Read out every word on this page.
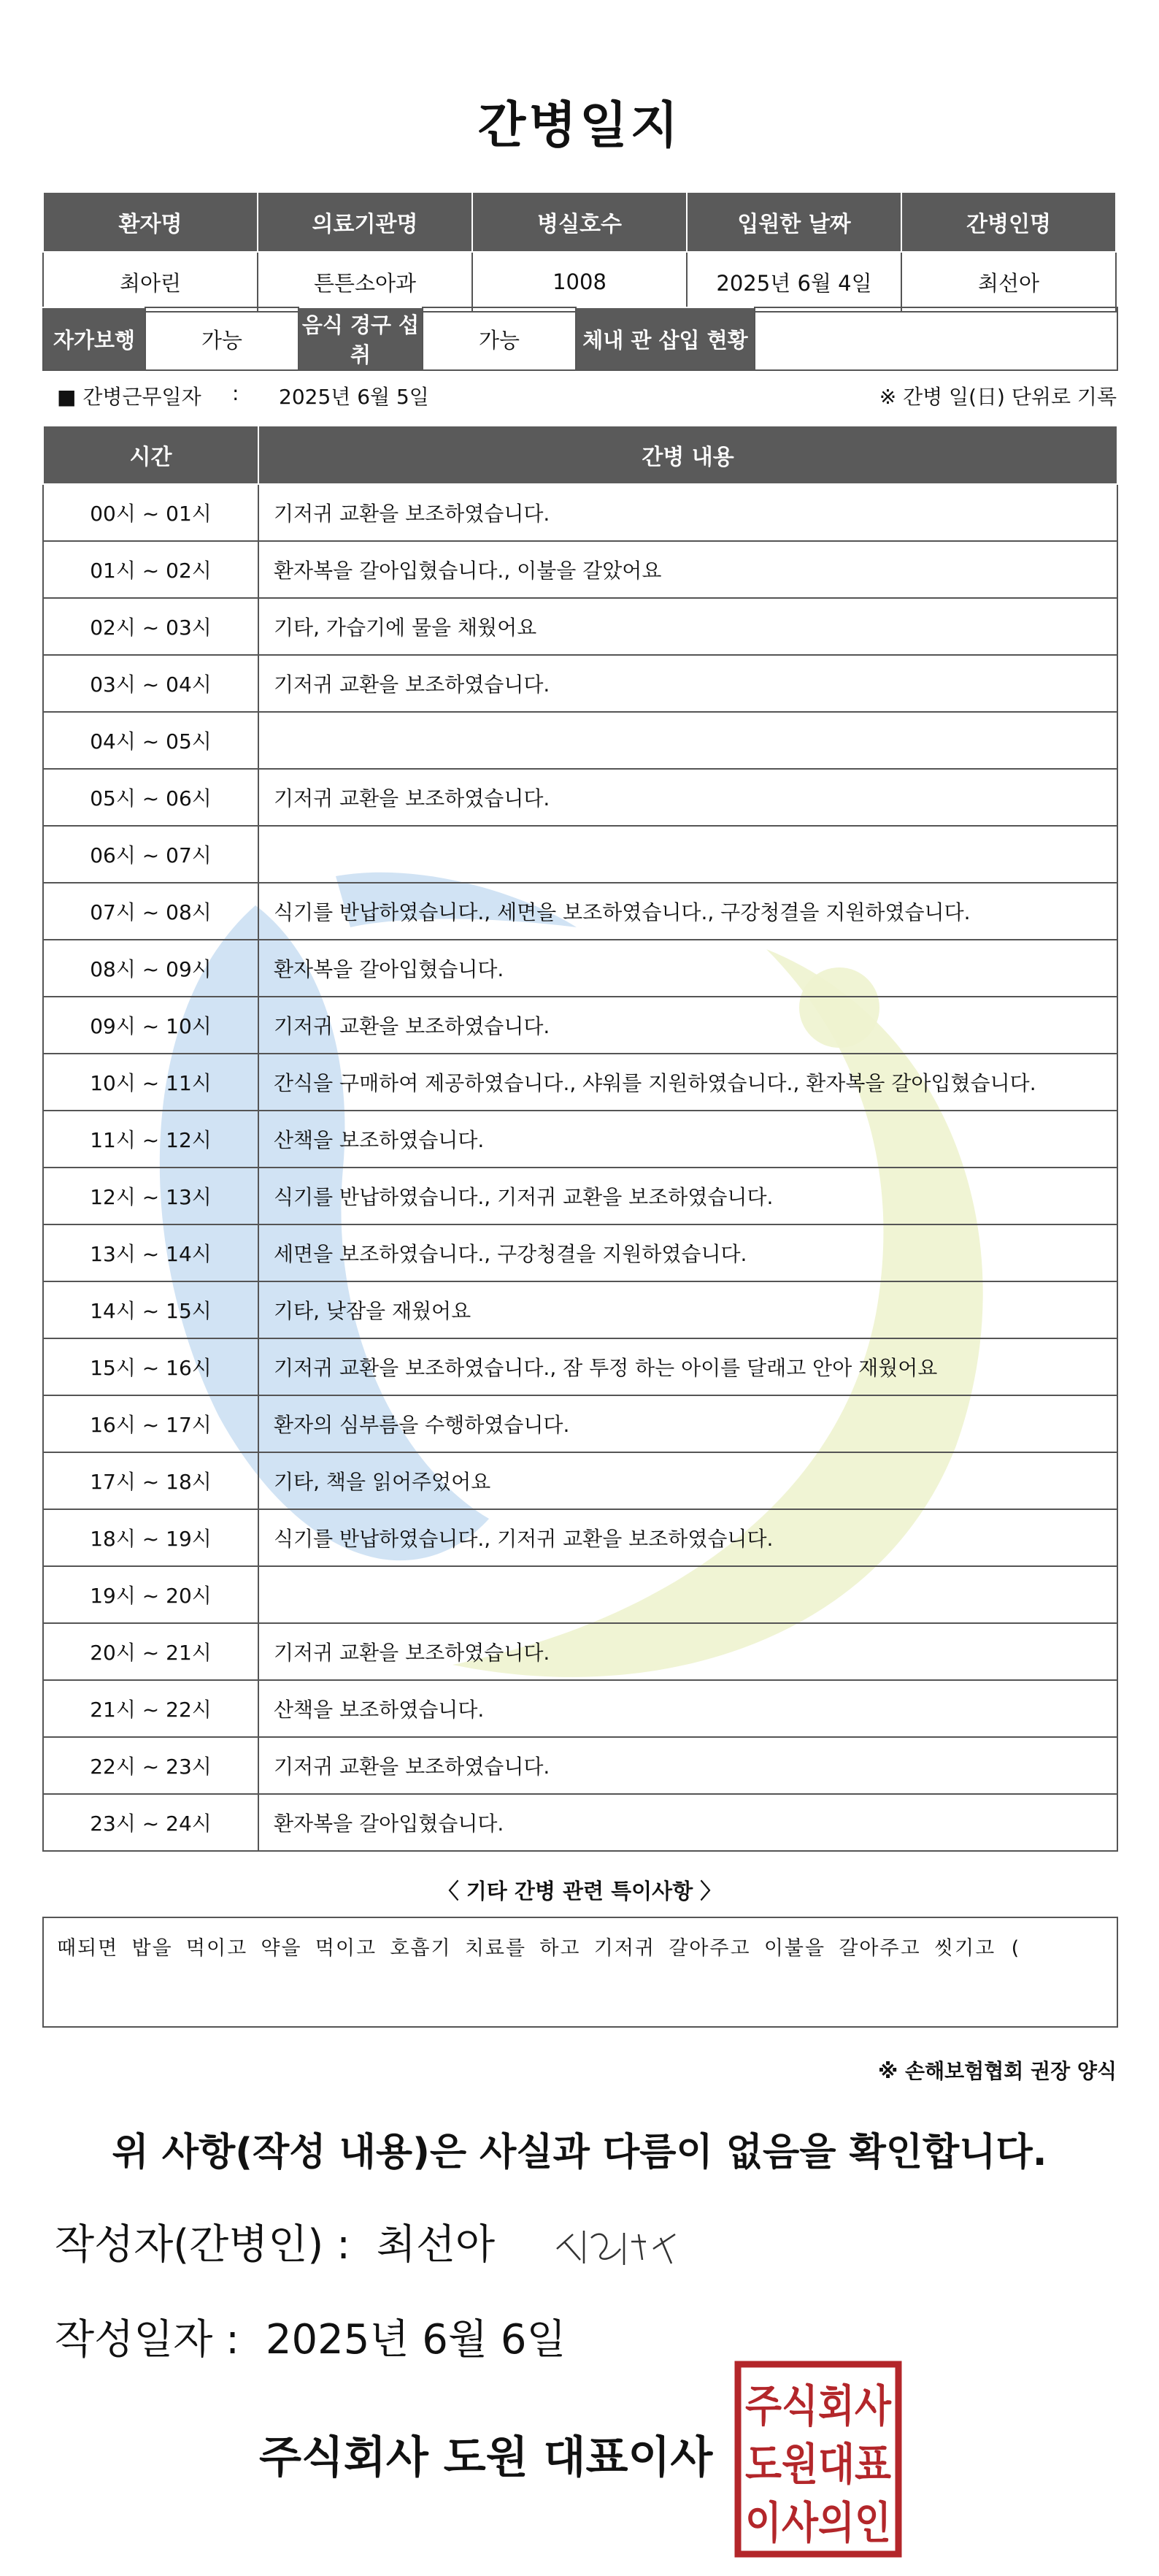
간병일지
환자명	의료기관명	병실호수	입원한 날짜	간병인명
최아린	튼튼소아과	1008	2025년 6월 4일	최선아
자가보행	가능	음식 경구 섭취	가능	체내 관 삽입 현황	
■ 간병근무일자 : 2025년 6월 5일	※ 간병 일(日) 단위로 기록
시간	간병 내용
00시 ~ 01시	기저귀 교환을 보조하였습니다.
01시 ~ 02시	환자복을 갈아입혔습니다., 이불을 갈았어요
02시 ~ 03시	기타, 가습기에 물을 채웠어요
03시 ~ 04시	기저귀 교환을 보조하였습니다.
04시 ~ 05시	
05시 ~ 06시	기저귀 교환을 보조하였습니다.
06시 ~ 07시	
07시 ~ 08시	식기를 반납하였습니다., 세면을 보조하였습니다., 구강청결을 지원하였습니다.
08시 ~ 09시	환자복을 갈아입혔습니다.
09시 ~ 10시	기저귀 교환을 보조하였습니다.
10시 ~ 11시	간식을 구매하여 제공하였습니다., 샤워를 지원하였습니다., 환자복을 갈아입혔습니다.
11시 ~ 12시	산책을 보조하였습니다.
12시 ~ 13시	식기를 반납하였습니다., 기저귀 교환을 보조하였습니다.
13시 ~ 14시	세면을 보조하였습니다., 구강청결을 지원하였습니다.
14시 ~ 15시	기타, 낮잠을 재웠어요
15시 ~ 16시	기저귀 교환을 보조하였습니다., 잠 투정 하는 아이를 달래고 안아 재웠어요
16시 ~ 17시	환자의 심부름을 수행하였습니다.
17시 ~ 18시	기타, 책을 읽어주었어요
18시 ~ 19시	식기를 반납하였습니다., 기저귀 교환을 보조하였습니다.
19시 ~ 20시	
20시 ~ 21시	기저귀 교환을 보조하였습니다.
21시 ~ 22시	산책을 보조하였습니다.
22시 ~ 23시	기저귀 교환을 보조하였습니다.
23시 ~ 24시	환자복을 갈아입혔습니다.
〈 기타 간병 관련 특이사항 〉
때되면 밥을 먹이고 약을 먹이고 호흡기 치료를 하고 기저귀 갈아주고 이불을 갈아주고 씻기고 (
※ 손해보험협회 권장 양식
위 사항(작성 내용)은 사실과 다름이 없음을 확인합니다.
작성자(간병인) : 최선아
작성일자 : 2025년 6월 6일
주식회사 도원 대표이사
주식회사
도원대표
이사의인
